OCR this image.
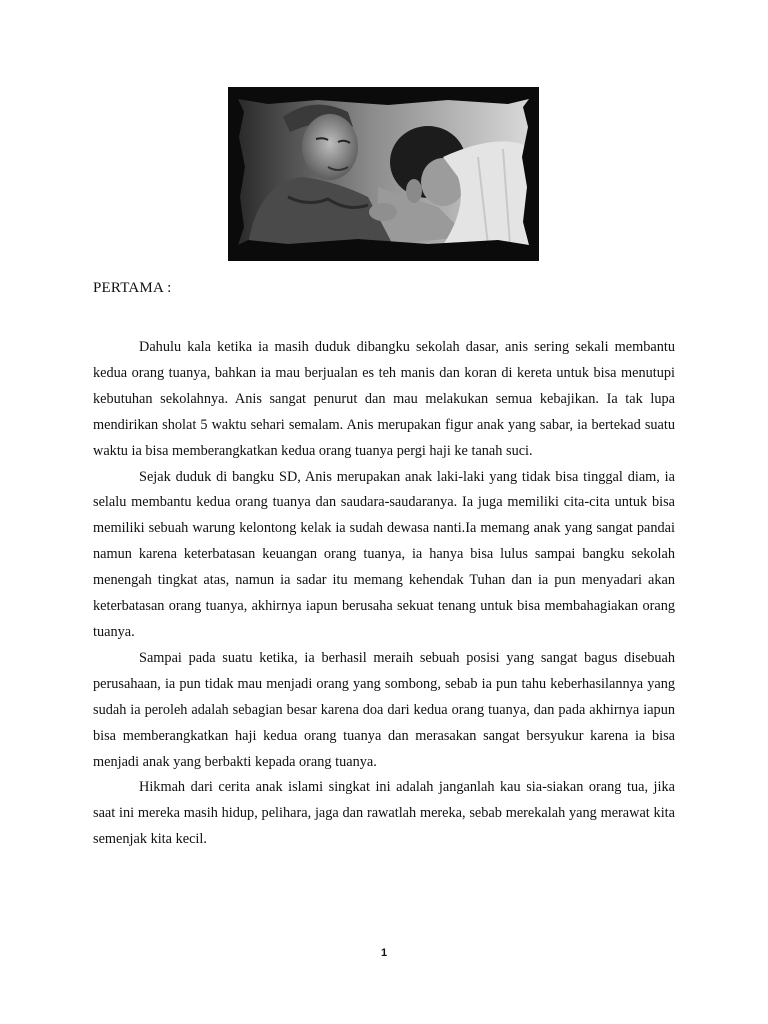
PERTAMA :

Dahulu kala ketika ia masih duduk dibangku sekolah dasar, anis sering sekali membantu kedua orang tuanya, bahkan ia mau berjualan es teh manis dan koran di kereta untuk bisa menutupi kebutuhan sekolahnya. Anis sangat penurut dan mau melakukan semua kebajikan. Ia tak lupa mendirikan sholat 5 waktu sehari semalam. Anis merupakan figur anak yang sabar, ia bertekad suatu waktu ia bisa memberangkatkan kedua orang tuanya pergi haji ke tanah suci.

Sejak duduk di bangku SD, Anis merupakan anak laki-laki yang tidak bisa tinggal diam, ia selalu membantu kedua orang tuanya dan saudara-saudaranya. Ia juga memiliki cita-cita untuk bisa memiliki sebuah warung kelontong kelak ia sudah dewasa nanti.Ia memang anak yang sangat pandai namun karena keterbatasan keuangan orang tuanya, ia hanya bisa lulus sampai bangku sekolah menengah tingkat atas, namun ia sadar itu memang kehendak Tuhan dan ia pun menyadari akan keterbatasan orang tuanya, akhirnya iapun berusaha sekuat tenang untuk bisa membahagiakan orang tuanya.

Sampai pada suatu ketika, ia berhasil meraih sebuah posisi yang sangat bagus disebuah perusahaan, ia pun tidak mau menjadi orang yang sombong, sebab ia pun tahu keberhasilannya yang sudah ia peroleh adalah sebagian besar karena doa dari kedua orang tuanya, dan pada akhirnya iapun bisa memberangkatkan haji kedua orang tuanya dan merasakan sangat bersyukur karena ia bisa menjadi anak yang berbakti kepada orang tuanya.

Hikmah dari cerita anak islami singkat ini adalah janganlah kau sia-siakan orang tua, jika saat ini mereka masih hidup, pelihara, jaga dan rawatlah mereka, sebab merekalah yang merawat kita semenjak kita kecil.

1
